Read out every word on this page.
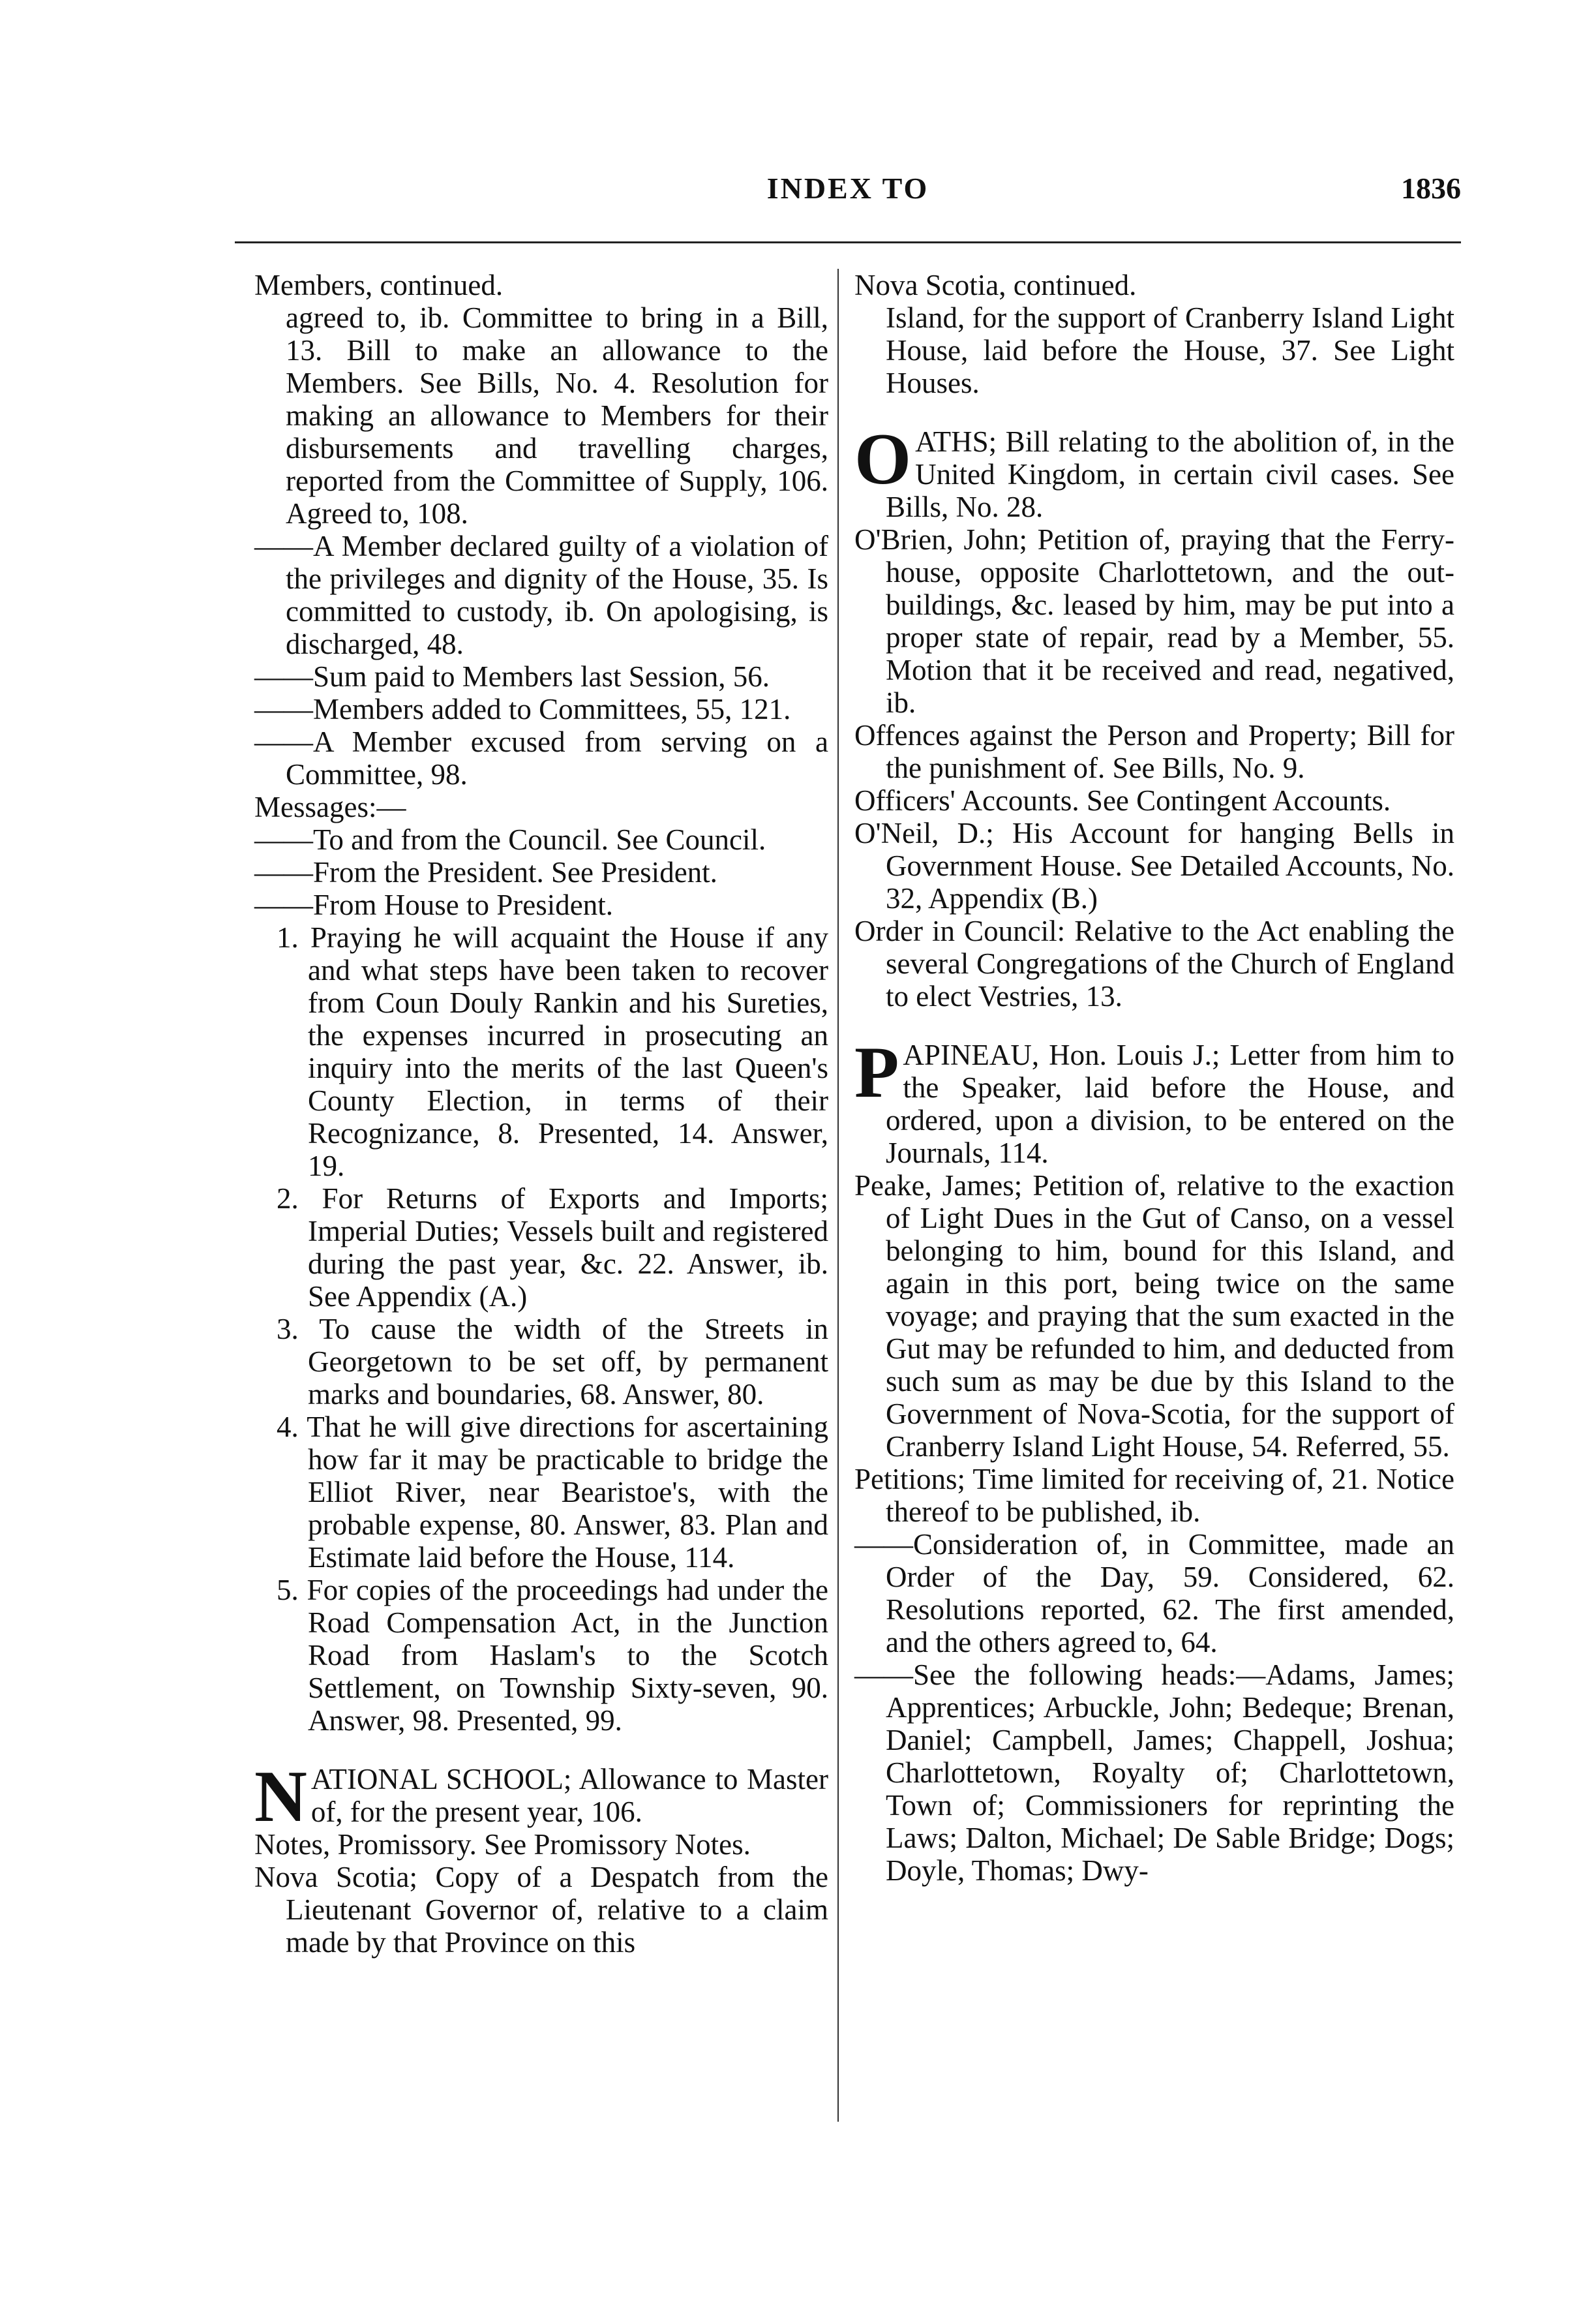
INDEX TO	1836

Members, continued.

agreed to, ib. Committee to bring in a Bill, 13. Bill to make an allowance to the Members. See Bills, No. 4. Resolution for making an allowance to Members for their disbursements and travelling charges, reported from the Committee of Supply, 106. Agreed to, 108.

——A Member declared guilty of a violation of the privileges and dignity of the House, 35. Is committed to custody, ib. On apologising, is discharged, 48.

——Sum paid to Members last Session, 56.

——Members added to Committees, 55, 121.

——A Member excused from serving on a Committee, 98.

Messages:—

——To and from the Council. See Council.

——From the President. See President.

——From House to President.

1. Praying he will acquaint the House if any and what steps have been taken to recover from Coun Douly Rankin and his Sureties, the expenses incurred in prosecuting an inquiry into the merits of the last Queen's County Election, in terms of their Recognizance, 8. Presented, 14. Answer, 19.

2. For Returns of Exports and Imports; Imperial Duties; Vessels built and registered during the past year, &c. 22. Answer, ib. See Appendix (A.)

3. To cause the width of the Streets in Georgetown to be set off, by permanent marks and boundaries, 68. Answer, 80.

4. That he will give directions for ascertaining how far it may be practicable to bridge the Elliot River, near Bearistoe's, with the probable expense, 80. Answer, 83. Plan and Estimate laid before the House, 114.

5. For copies of the proceedings had under the Road Compensation Act, in the Junction Road from Haslam's to the Scotch Settlement, on Township Sixty-seven, 90. Answer, 98. Presented, 99.

NATIONAL SCHOOL; Allowance to Master of, for the present year, 106.

Notes, Promissory. See Promissory Notes.

Nova Scotia; Copy of a Despatch from the Lieutenant Governor of, relative to a claim made by that Province on this

Nova Scotia, continued.

Island, for the support of Cranberry Island Light House, laid before the House, 37. See Light Houses.

OATHS; Bill relating to the abolition of, in the United Kingdom, in certain civil cases. See Bills, No. 28.

O'Brien, John; Petition of, praying that the Ferry-house, opposite Charlottetown, and the out-buildings, &c. leased by him, may be put into a proper state of repair, read by a Member, 55. Motion that it be received and read, negatived, ib.

Offences against the Person and Property; Bill for the punishment of. See Bills, No. 9.

Officers' Accounts. See Contingent Accounts.

O'Neil, D.; His Account for hanging Bells in Government House. See Detailed Accounts, No. 32, Appendix (B.)

Order in Council: Relative to the Act enabling the several Congregations of the Church of England to elect Vestries, 13.

PAPINEAU, Hon. Louis J.; Letter from him to the Speaker, laid before the House, and ordered, upon a division, to be entered on the Journals, 114.

Peake, James; Petition of, relative to the exaction of Light Dues in the Gut of Canso, on a vessel belonging to him, bound for this Island, and again in this port, being twice on the same voyage; and praying that the sum exacted in the Gut may be refunded to him, and deducted from such sum as may be due by this Island to the Government of Nova-Scotia, for the support of Cranberry Island Light House, 54. Referred, 55.

Petitions; Time limited for receiving of, 21. Notice thereof to be published, ib.

——Consideration of, in Committee, made an Order of the Day, 59. Considered, 62. Resolutions reported, 62. The first amended, and the others agreed to, 64.

——See the following heads:—Adams, James; Apprentices; Arbuckle, John; Bedeque; Brenan, Daniel; Campbell, James; Chappell, Joshua; Charlottetown, Royalty of; Charlottetown, Town of; Commissioners for reprinting the Laws; Dalton, Michael; De Sable Bridge; Dogs; Doyle, Thomas; Dwy-
